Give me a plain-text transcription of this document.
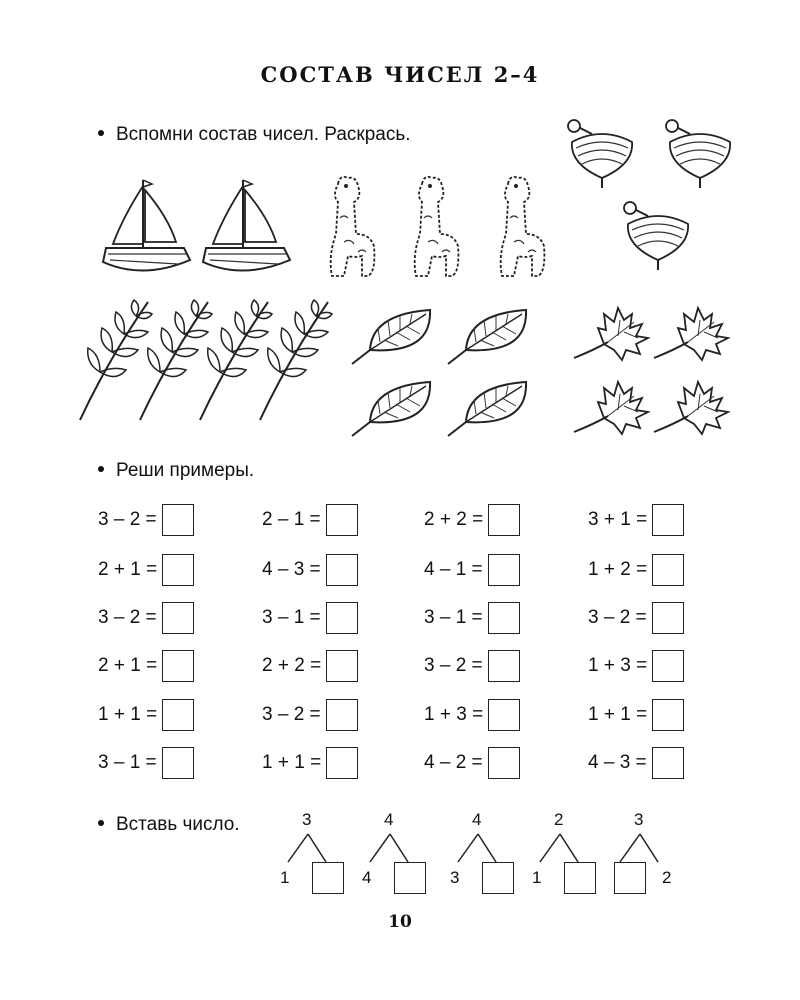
СОСТАВ ЧИСЕЛ 2–4
Вспомни состав чисел. Раскрась.
Реши примеры.
3 – 2 =	2 – 1 =	2 + 2 =	3 + 1 =
2 + 1 =	4 – 3 =	4 – 1 =	1 + 2 =
3 – 2 =	3 – 1 =	3 – 1 =	3 – 2 =
2 + 1 =	2 + 2 =	3 – 2 =	1 + 3 =
1 + 1 =	3 – 2 =	1 + 3 =	1 + 1 =
3 – 1 =	1 + 1 =	4 – 2 =	4 – 3 =
Вставь число.	3
1
4
4
4
3
2
1
3
2
10
